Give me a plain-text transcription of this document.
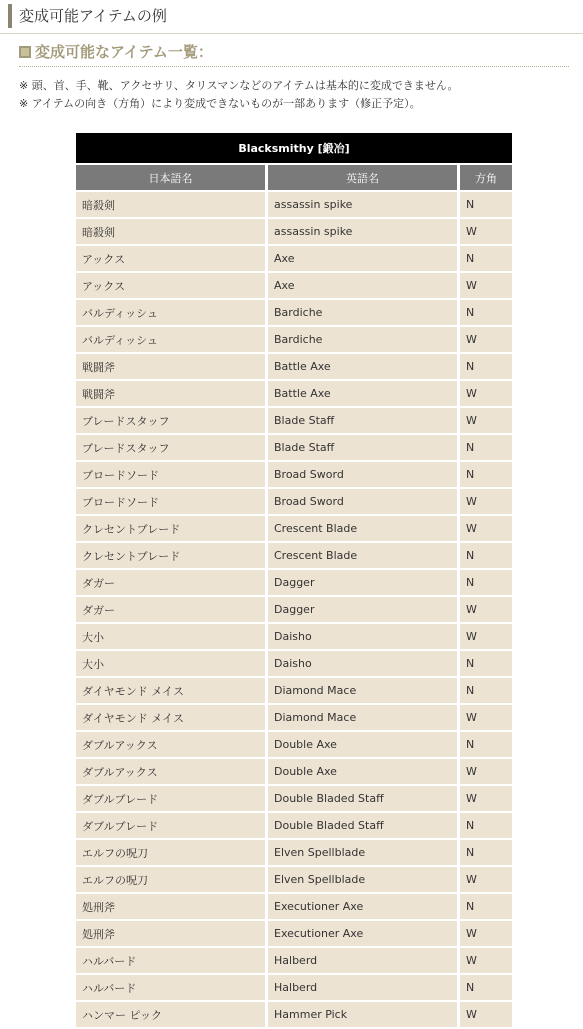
変成可能アイテムの例
変成可能なアイテム一覧：
※ 頭、首、手、靴、アクセサリ、タリスマンなどのアイテムは基本的に変成できません。
※ アイテムの向き（方角）により変成できないものが一部あります（修正予定）。
Blacksmithy [鍛冶]		
日本語名	英語名	方角
暗殺剣	assassin spike	N
暗殺剣	assassin spike	W
アックス	Axe	N
アックス	Axe	W
バルディッシュ	Bardiche	N
バルディッシュ	Bardiche	W
戦闘斧	Battle Axe	N
戦闘斧	Battle Axe	W
ブレードスタッフ	Blade Staff	W
ブレードスタッフ	Blade Staff	N
ブロードソード	Broad Sword	N
ブロードソード	Broad Sword	W
クレセントブレード	Crescent Blade	W
クレセントブレード	Crescent Blade	N
ダガー	Dagger	N
ダガー	Dagger	W
大小	Daisho	W
大小	Daisho	N
ダイヤモンド メイス	Diamond Mace	N
ダイヤモンド メイス	Diamond Mace	W
ダブルアックス	Double Axe	N
ダブルアックス	Double Axe	W
ダブルブレード	Double Bladed Staff	W
ダブルブレード	Double Bladed Staff	N
エルフの呪刀	Elven Spellblade	N
エルフの呪刀	Elven Spellblade	W
処刑斧	Executioner Axe	N
処刑斧	Executioner Axe	W
ハルバード	Halberd	W
ハルバード	Halberd	N
ハンマー ピック	Hammer Pick	W
